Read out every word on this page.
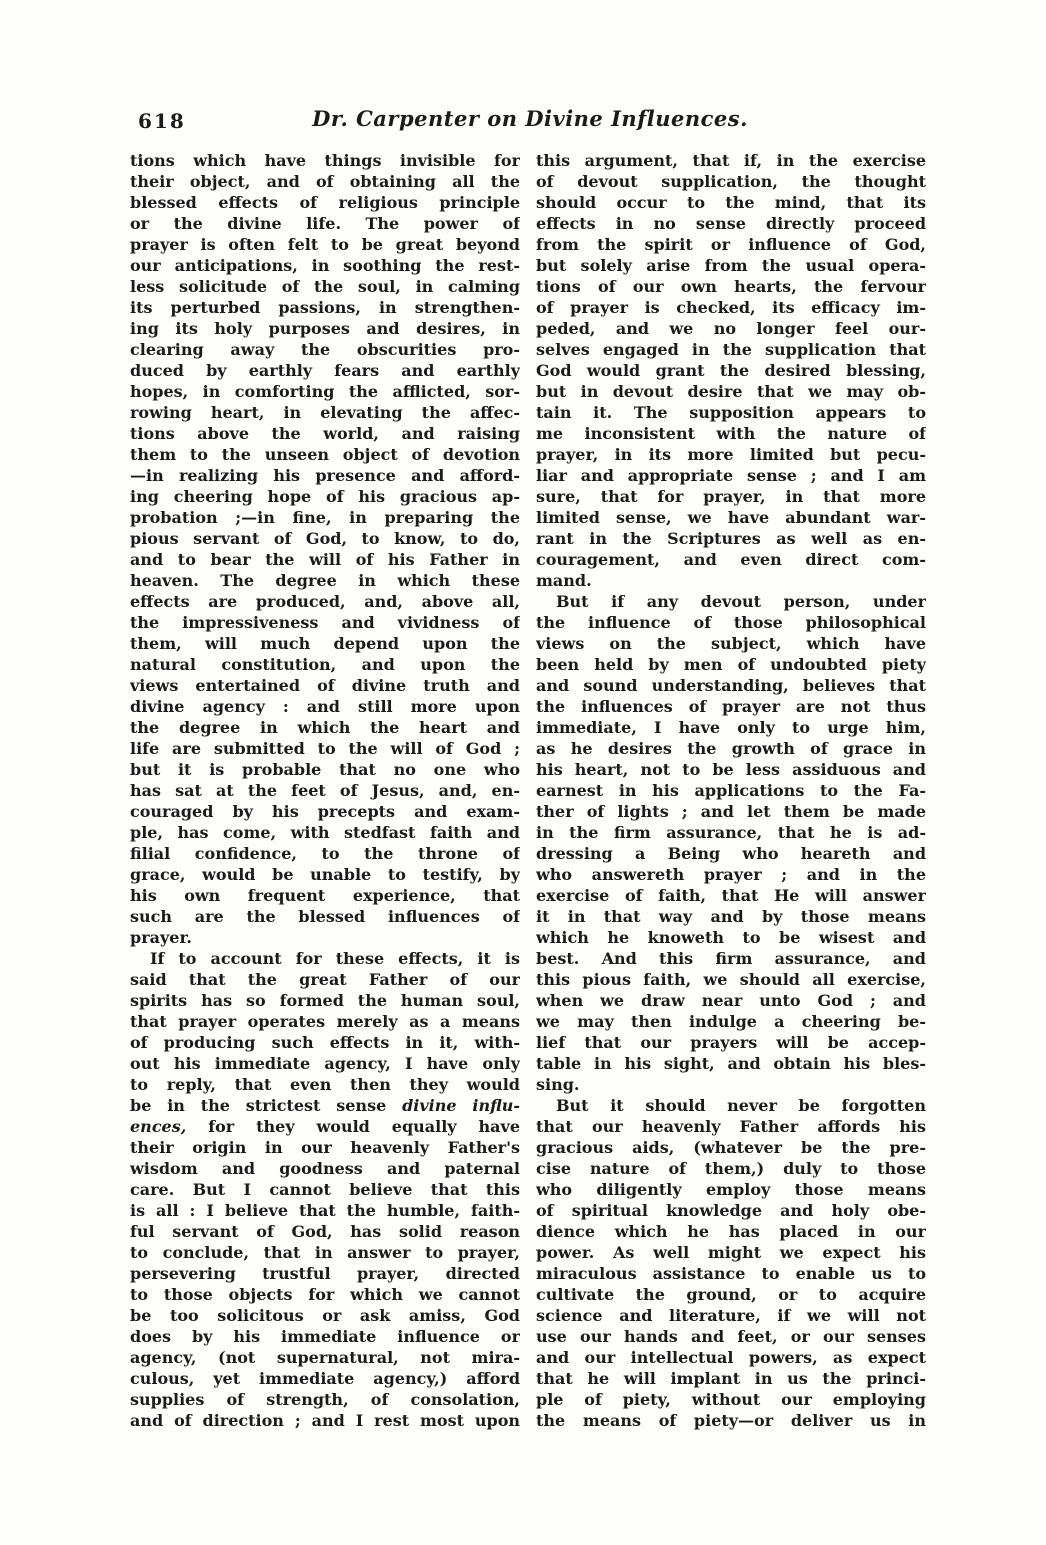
618	Dr. Carpenter on Divine Influences.
tions which have things invisible for
their object, and of obtaining all the
blessed effects of religious principle
or the divine life. The power of
prayer is often felt to be great beyond
our anticipations, in soothing the rest-
less solicitude of the soul, in calming
its perturbed passions, in strengthen-
ing its holy purposes and desires, in
clearing away the obscurities pro-
duced by earthly fears and earthly
hopes, in comforting the afflicted, sor-
rowing heart, in elevating the affec-
tions above the world, and raising
them to the unseen object of devotion
—in realizing his presence and afford-
ing cheering hope of his gracious ap-
probation ;—in fine, in preparing the
pious servant of God, to know, to do,
and to bear the will of his Father in
heaven. The degree in which these
effects are produced, and, above all,
the impressiveness and vividness of
them, will much depend upon the
natural constitution, and upon the
views entertained of divine truth and
divine agency : and still more upon
the degree in which the heart and
life are submitted to the will of God ;
but it is probable that no one who
has sat at the feet of Jesus, and, en-
couraged by his precepts and exam-
ple, has come, with stedfast faith and
filial confidence, to the throne of
grace, would be unable to testify, by
his own frequent experience, that
such are the blessed influences of
prayer.
If to account for these effects, it is
said that the great Father of our
spirits has so formed the human soul,
that prayer operates merely as a means
of producing such effects in it, with-
out his immediate agency, I have only
to reply, that even then they would
be in the strictest sense divine influ-
ences, for they would equally have
their origin in our heavenly Father's
wisdom and goodness and paternal
care. But I cannot believe that this
is all : I believe that the humble, faith-
ful servant of God, has solid reason
to conclude, that in answer to prayer,
persevering trustful prayer, directed
to those objects for which we cannot
be too solicitous or ask amiss, God
does by his immediate influence or
agency, (not supernatural, not mira-
culous, yet immediate agency,) afford
supplies of strength, of consolation,
and of direction ; and I rest most upon
this argument, that if, in the exercise
of devout supplication, the thought
should occur to the mind, that its
effects in no sense directly proceed
from the spirit or influence of God,
but solely arise from the usual opera-
tions of our own hearts, the fervour
of prayer is checked, its efficacy im-
peded, and we no longer feel our-
selves engaged in the supplication that
God would grant the desired blessing,
but in devout desire that we may ob-
tain it. The supposition appears to
me inconsistent with the nature of
prayer, in its more limited but pecu-
liar and appropriate sense ; and I am
sure, that for prayer, in that more
limited sense, we have abundant war-
rant in the Scriptures as well as en-
couragement, and even direct com-
mand.
But if any devout person, under
the influence of those philosophical
views on the subject, which have
been held by men of undoubted piety
and sound understanding, believes that
the influences of prayer are not thus
immediate, I have only to urge him,
as he desires the growth of grace in
his heart, not to be less assiduous and
earnest in his applications to the Fa-
ther of lights ; and let them be made
in the firm assurance, that he is ad-
dressing a Being who heareth and
who answereth prayer ; and in the
exercise of faith, that He will answer
it in that way and by those means
which he knoweth to be wisest and
best. And this firm assurance, and
this pious faith, we should all exercise,
when we draw near unto God ; and
we may then indulge a cheering be-
lief that our prayers will be accep-
table in his sight, and obtain his bles-
sing.
But it should never be forgotten
that our heavenly Father affords his
gracious aids, (whatever be the pre-
cise nature of them,) duly to those
who diligently employ those means
of spiritual knowledge and holy obe-
dience which he has placed in our
power. As well might we expect his
miraculous assistance to enable us to
cultivate the ground, or to acquire
science and literature, if we will not
use our hands and feet, or our senses
and our intellectual powers, as expect
that he will implant in us the princi-
ple of piety, without our employing
the means of piety—or deliver us in
